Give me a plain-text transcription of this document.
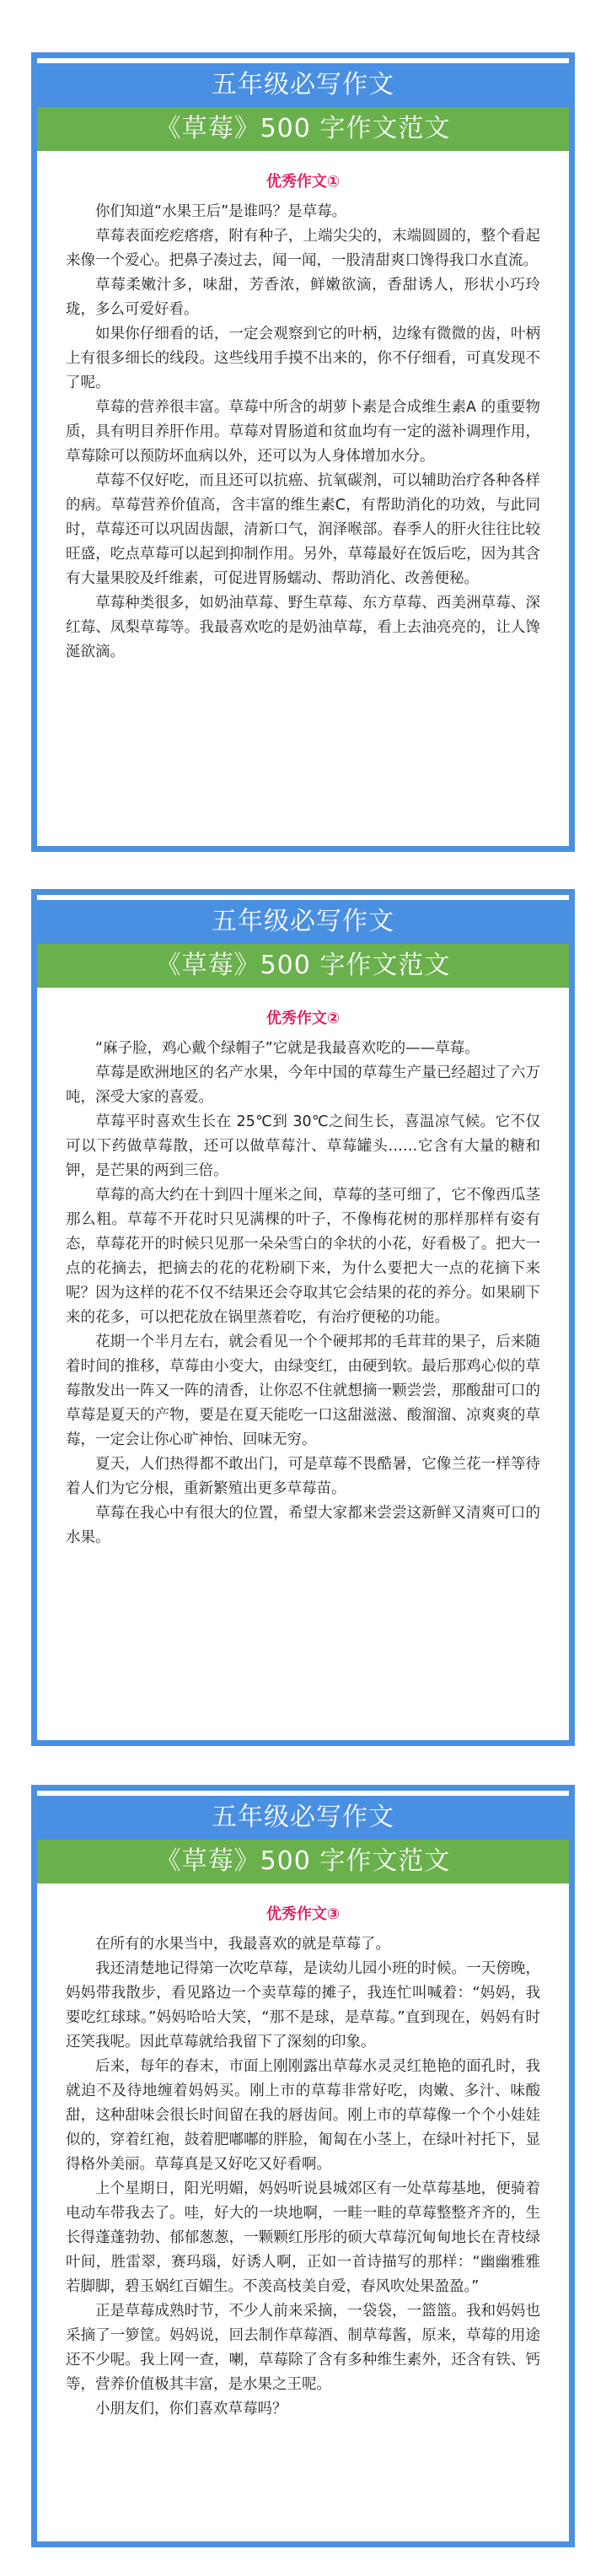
五年级必写作文
《草莓》500 字作文范文
优秀作文①

你们知道“水果王后”是谁吗？是草莓。

草莓表面疙疙瘩瘩，附有种子，上端尖尖的，末端圆圆的，整个看起来像一个爱心。把鼻子凑过去，闻一闻，一股清甜爽口馋得我口水直流。

草莓柔嫩汁多，味甜，芳香浓，鲜嫩欲滴，香甜诱人，形状小巧玲珑，多么可爱好看。

如果你仔细看的话，一定会观察到它的叶柄，边缘有微微的齿，叶柄上有很多细长的线段。这些线用手摸不出来的，你不仔细看，可真发现不了呢。

草莓的营养很丰富。草莓中所含的胡萝卜素是合成维生素A 的重要物质，具有明目养肝作用。草莓对胃肠道和贫血均有一定的滋补调理作用，草莓除可以预防坏血病以外，还可以为人身体增加水分。

草莓不仅好吃，而且还可以抗癌、抗氧碳剂，可以辅助治疗各种各样的病。草莓营养价值高，含丰富的维生素C，有帮助消化的功效，与此同时，草莓还可以巩固齿龈，清新口气，润泽喉部。春季人的肝火往往比较旺盛，吃点草莓可以起到抑制作用。另外，草莓最好在饭后吃，因为其含有大量果胶及纤维素，可促进胃肠蠕动、帮助消化、改善便秘。

草莓种类很多，如奶油草莓、野生草莓、东方草莓、西美洲草莓、深红莓、凤梨草莓等。我最喜欢吃的是奶油草莓，看上去油亮亮的，让人馋涎欲滴。

五年级必写作文
《草莓》500 字作文范文
优秀作文②

“麻子脸，鸡心戴个绿帽子”它就是我最喜欢吃的——草莓。

草莓是欧洲地区的名产水果，今年中国的草莓生产量已经超过了六万吨，深受大家的喜爱。

草莓平时喜欢生长在 25℃到 30℃之间生长，喜温凉气候。它不仅可以下药做草莓散，还可以做草莓汁、草莓罐头……它含有大量的糖和钾，是芒果的两到三倍。

草莓的高大约在十到四十厘米之间，草莓的茎可细了，它不像西瓜茎那么粗。草莓不开花时只见满棵的叶子，不像梅花树的那样那样有姿有态，草莓花开的时候只见那一朵朵雪白的伞状的小花，好看极了。把大一点的花摘去，把摘去的花的花粉刷下来，为什么要把大一点的花摘下来呢？因为这样的花不仅不结果还会夺取其它会结果的花的养分。如果刷下来的花多，可以把花放在锅里蒸着吃，有治疗便秘的功能。

花期一个半月左右，就会看见一个个硬邦邦的毛茸茸的果子，后来随着时间的推移，草莓由小变大，由绿变红，由硬到软。最后那鸡心似的草莓散发出一阵又一阵的清香，让你忍不住就想摘一颗尝尝，那酸甜可口的草莓是夏天的产物，要是在夏天能吃一口这甜滋滋、酸溜溜、凉爽爽的草莓，一定会让你心旷神怡、回味无穷。

夏天，人们热得都不敢出门，可是草莓不畏酷暑，它像兰花一样等待着人们为它分根，重新繁殖出更多草莓苗。

草莓在我心中有很大的位置，希望大家都来尝尝这新鲜又清爽可口的水果。

五年级必写作文
《草莓》500 字作文范文
优秀作文③

在所有的水果当中，我最喜欢的就是草莓了。

我还清楚地记得第一次吃草莓，是读幼儿园小班的时候。一天傍晚，妈妈带我散步，看见路边一个卖草莓的摊子，我连忙叫喊着：“妈妈，我要吃红球球。”妈妈哈哈大笑，“那不是球，是草莓。”直到现在，妈妈有时还笑我呢。因此草莓就给我留下了深刻的印象。

后来，每年的春末，市面上刚刚露出草莓水灵灵红艳艳的面孔时，我就迫不及待地缠着妈妈买。刚上市的草莓非常好吃，肉嫩、多汁、味酸甜，这种甜味会很长时间留在我的唇齿间。刚上市的草莓像一个个小娃娃似的，穿着红袍，鼓着肥嘟嘟的胖脸，匍匐在小茎上，在绿叶衬托下，显得格外美丽。草莓真是又好吃又好看啊。

上个星期日，阳光明媚，妈妈听说县城郊区有一处草莓基地，便骑着电动车带我去了。哇，好大的一块地啊，一畦一畦的草莓整整齐齐的，生长得蓬蓬勃勃、郁郁葱葱，一颗颗红彤彤的硕大草莓沉甸甸地长在青枝绿叶间，胜雷翠，赛玛瑙，好诱人啊，正如一首诗描写的那样：“幽幽雅雅若脚脚，碧玉娲红百媚生。不羡高枝美自爱，春风吹处果盈盈。”

正是草莓成熟时节，不少人前来采摘，一袋袋，一篮篮。我和妈妈也采摘了一箩筐。妈妈说，回去制作草莓酒、制草莓酱，原来，草莓的用途还不少呢。我上网一查，喇，草莓除了含有多种维生素外，还含有铁、钙等，营养价值极其丰富，是水果之王呢。

小朋友们，你们喜欢草莓吗？
